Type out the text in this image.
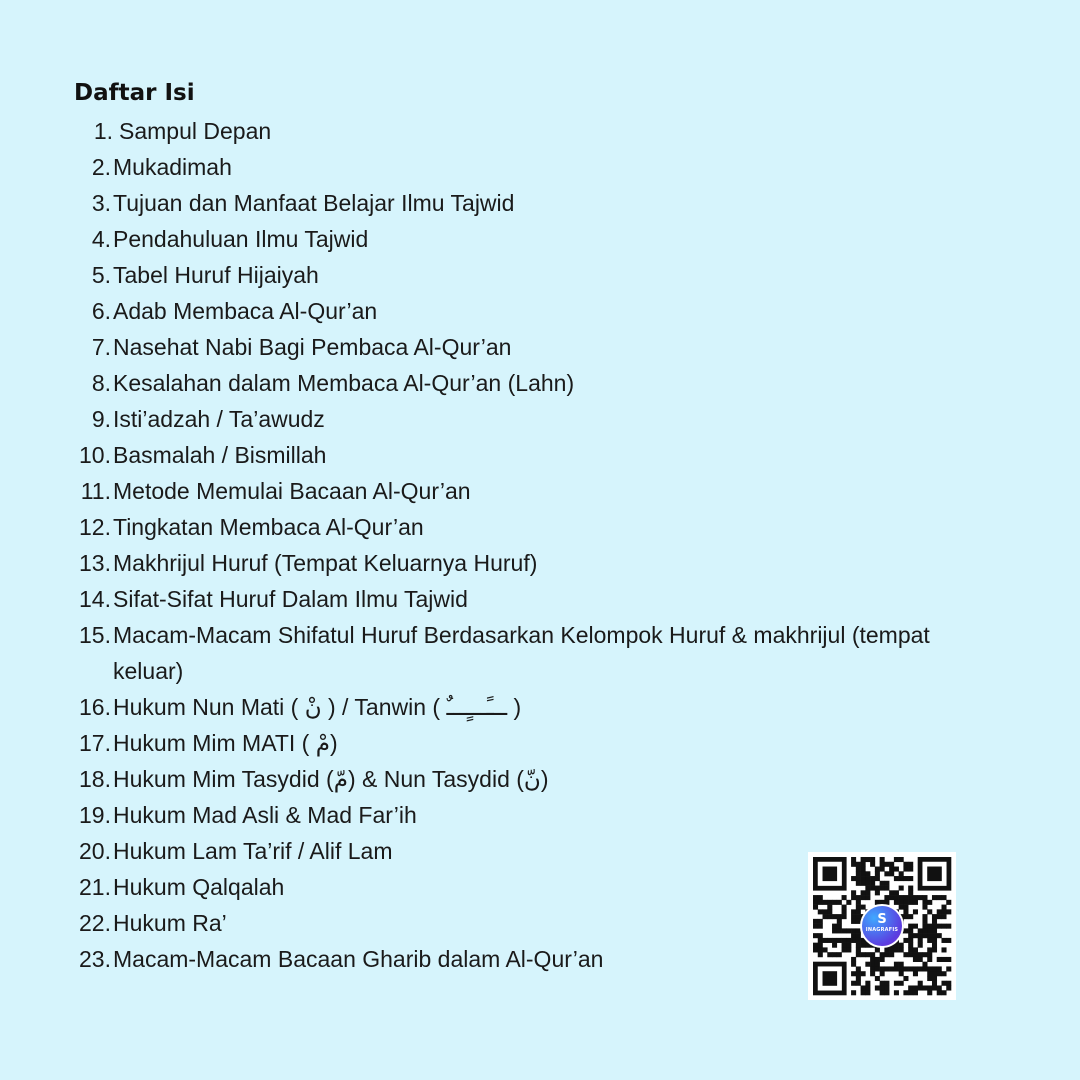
Daftar Isi
1. Sampul Depan
2. Mukadimah
3. Tujuan dan Manfaat Belajar Ilmu Tajwid
4. Pendahuluan Ilmu Tajwid
5. Tabel Huruf Hijaiyah
6. Adab Membaca Al-Qur’an
7. Nasehat Nabi Bagi Pembaca Al-Qur’an
8. Kesalahan dalam Membaca Al-Qur’an (Lahn)
9. Isti’adzah / Ta’awudz
10. Basmalah / Bismillah
11. Metode Memulai Bacaan Al-Qur’an
12. Tingkatan Membaca Al-Qur’an
13. Makhrijul Huruf (Tempat Keluarnya Huruf)
14. Sifat-Sifat Huruf Dalam Ilmu Tajwid
15. Macam-Macam Shifatul Huruf Berdasarkan Kelompok Huruf & makhrijul (tempat keluar)
16. Hukum Nun Mati ( نْ ) / Tanwin ( ـــًـــٍـــٌ )
17. Hukum Mim MATI ( مْ)
18. Hukum Mim Tasydid (مّ) & Nun Tasydid (نّ)
19. Hukum Mad Asli & Mad Far’ih
20. Hukum Lam Ta’rif / Alif Lam
21. Hukum Qalqalah
22. Hukum Ra’
23. Macam-Macam Bacaan Gharib dalam Al-Qur’an
S
INAGRAFIS
